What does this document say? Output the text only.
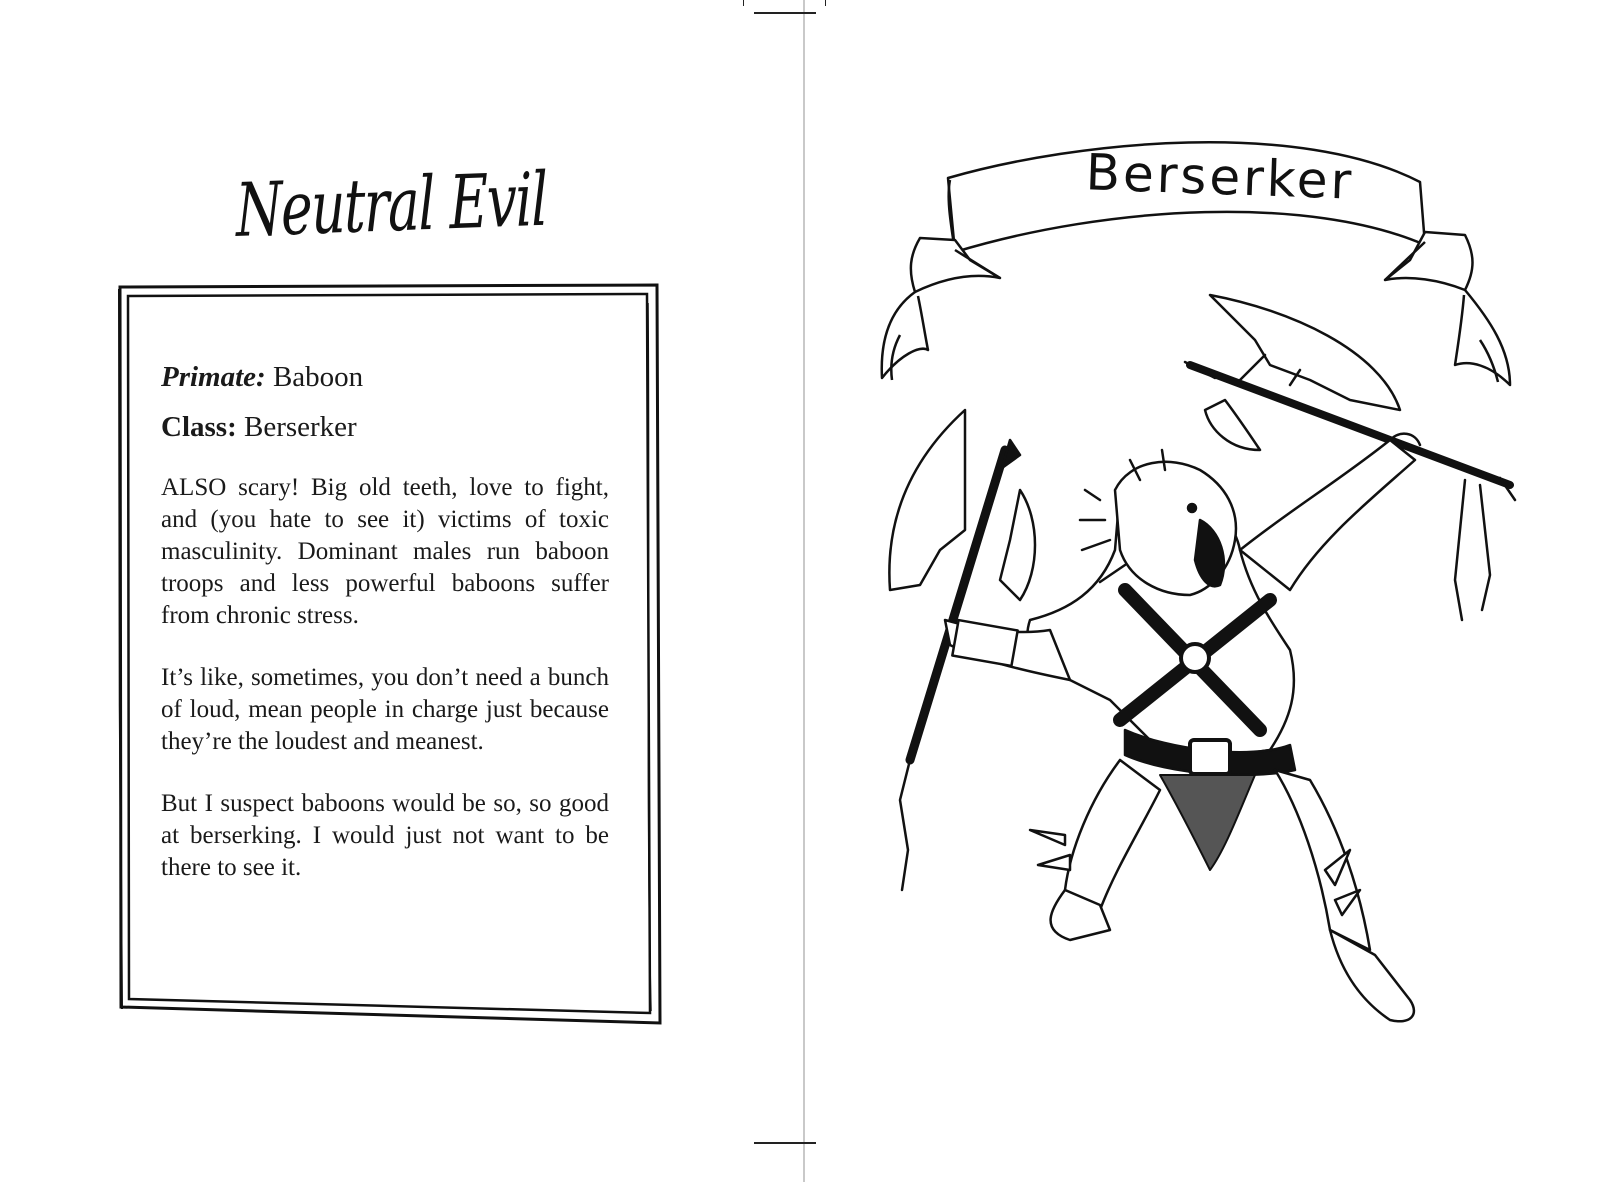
Neutral Evil
Primate: Baboon
Class: Berserker

ALSO scary! Big old teeth, love to fight, and (you hate to see it) victims of toxic masculinity. Dominant males run baboon troops and less powerful baboons suffer from chronic stress.

It’s like, sometimes, you don’t need a bunch of loud, mean people in charge just because they’re the loudest and meanest.

But I suspect baboons would be so, so good at berserking. I would just not want to be there to see it.

Berserker
